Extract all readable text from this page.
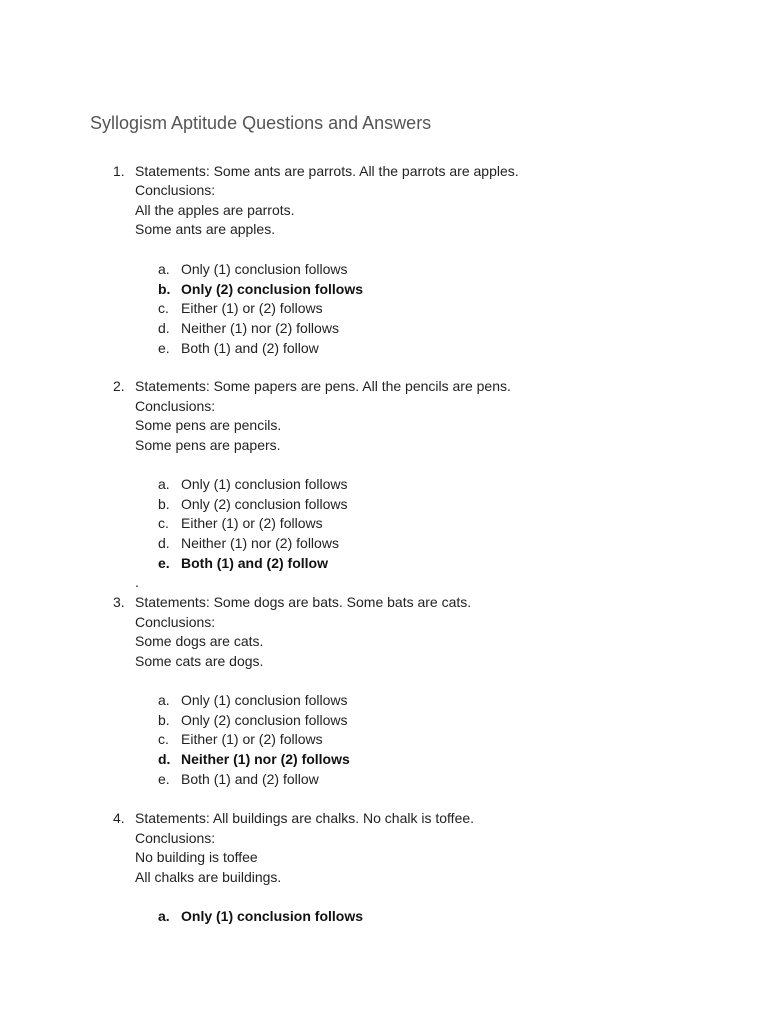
Syllogism Aptitude Questions and Answers
1. Statements: Some ants are parrots. All the parrots are apples.
Conclusions:
All the apples are parrots.
Some ants are apples.
a. Only (1) conclusion follows
b. Only (2) conclusion follows
c. Either (1) or (2) follows
d. Neither (1) nor (2) follows
e. Both (1) and (2) follow
2. Statements: Some papers are pens. All the pencils are pens.
Conclusions:
Some pens are pencils.
Some pens are papers.
a. Only (1) conclusion follows
b. Only (2) conclusion follows
c. Either (1) or (2) follows
d. Neither (1) nor (2) follows
e. Both (1) and (2) follow
.
3. Statements: Some dogs are bats. Some bats are cats.
Conclusions:
Some dogs are cats.
Some cats are dogs.
a. Only (1) conclusion follows
b. Only (2) conclusion follows
c. Either (1) or (2) follows
d. Neither (1) nor (2) follows
e. Both (1) and (2) follow
4. Statements: All buildings are chalks. No chalk is toffee.
Conclusions:
No building is toffee
All chalks are buildings.
a. Only (1) conclusion follows
